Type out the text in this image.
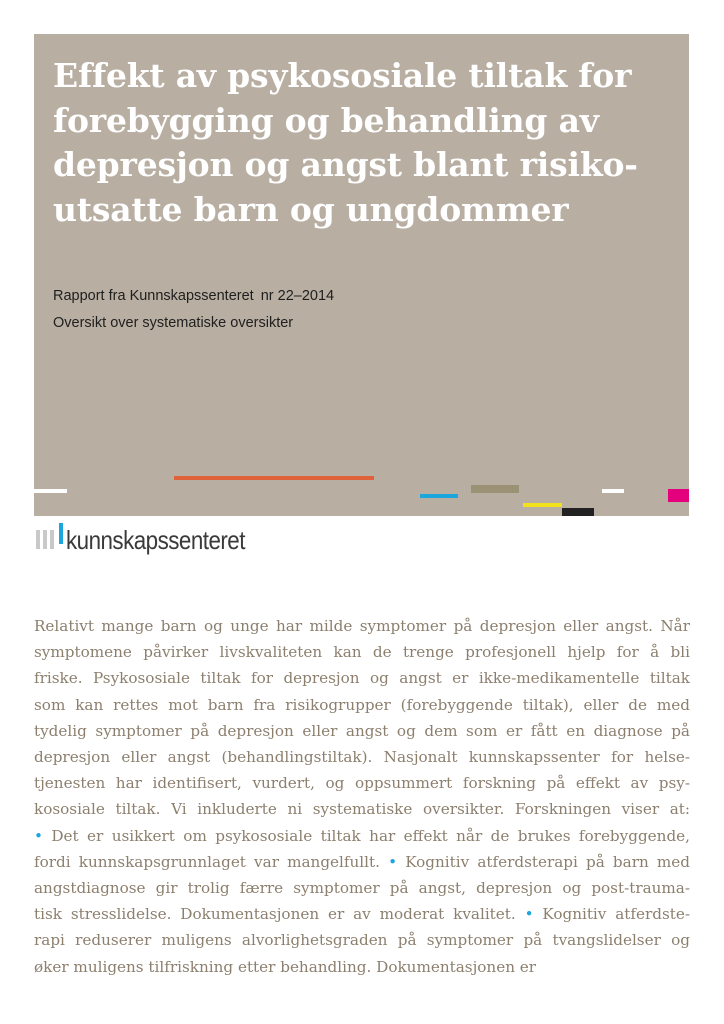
Effekt av psykososiale tiltak for
forebygging og behandling av
depresjon og angst blant risiko-
utsatte barn og ungdommer
Rapport fra Kunnskapssenteret nr 22–2014
Oversikt over systematiske oversikter
kunnskapssenteret
Relativt mange barn og unge har milde symptomer på depresjon eller angst. Når
symptomene påvirker livskvaliteten kan de trenge profesjonell hjelp for å bli
friske. Psykososiale tiltak for depresjon og angst er ikke-medikamentelle tiltak
som kan rettes mot barn fra risikogrupper (forebyggende tiltak), eller de med
tydelig symptomer på depresjon eller angst og dem som er fått en diagnose på
depresjon eller angst (behandlingstiltak). Nasjonalt kunnskapssenter for helse-
tjenesten har identifisert, vurdert, og oppsummert forskning på effekt av psy-
kososiale tiltak. Vi inkluderte ni systematiske oversikter. Forskningen viser at:
• Det er usikkert om psykososiale tiltak har effekt når de brukes forebyggende,
fordi kunnskapsgrunnlaget var mangelfullt. • Kognitiv atferdsterapi på barn med
angstdiagnose gir trolig færre symptomer på angst, depresjon og post-trauma-
tisk stresslidelse. Dokumentasjonen er av moderat kvalitet. • Kognitiv atferdste-
rapi reduserer muligens alvorlighetsgraden på symptomer på tvangslidelser og
øker muligens tilfriskning etter behandling. Dokumentasjonen er
